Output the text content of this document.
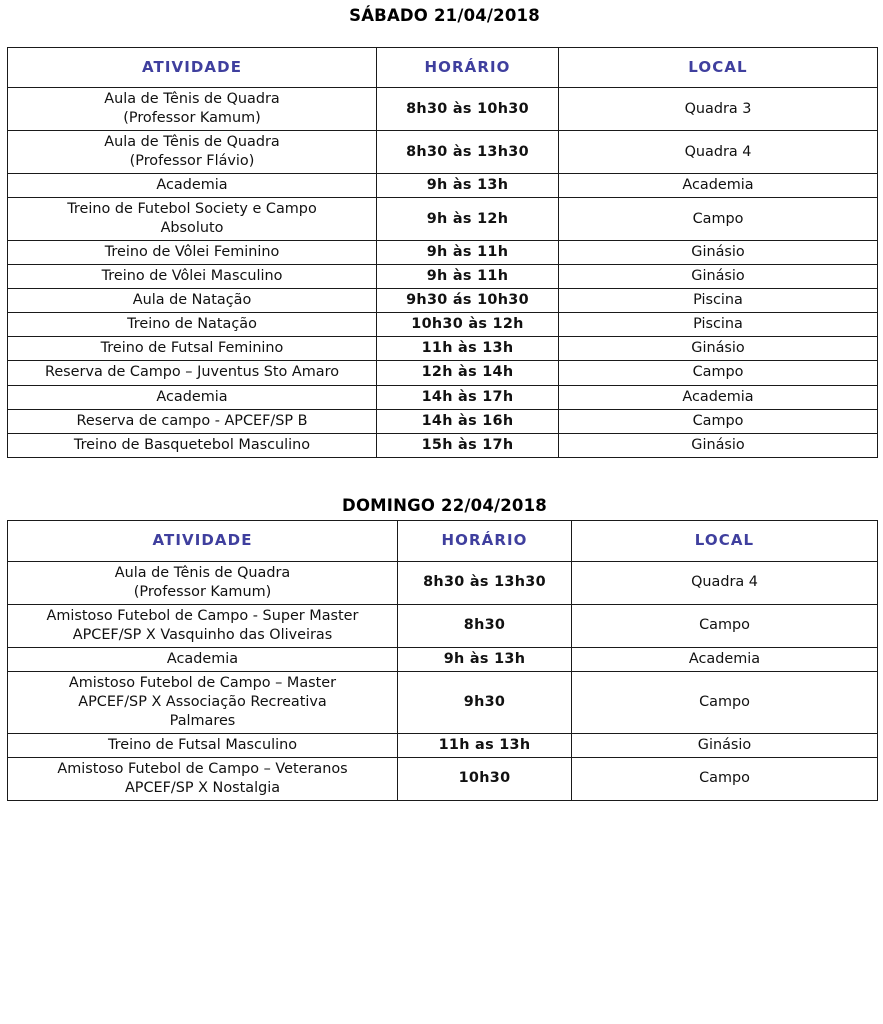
SÁBADO 21/04/2018
ATIVIDADE	HORÁRIO	LOCAL

Aula de Tênis de Quadra
(Professor Kamum)	8h30 às 10h30	Quadra 3

Aula de Tênis de Quadra
(Professor Flávio)	8h30 às 13h30	Quadra 4

Academia	9h às 13h	Academia

Treino de Futebol Society e Campo
Absoluto	9h às 12h	Campo

Treino de Vôlei Feminino	9h às 11h	Ginásio

Treino de Vôlei Masculino	9h às 11h	Ginásio

Aula de Natação	9h30 ás 10h30	Piscina

Treino de Natação	10h30 às 12h	Piscina

Treino de Futsal Feminino	11h às 13h	Ginásio

Reserva de Campo – Juventus Sto Amaro	12h às 14h	Campo

Academia	14h às 17h	Academia

Reserva de campo - APCEF/SP B	14h às 16h	Campo

Treino de Basquetebol Masculino	15h às 17h	Ginásio
DOMINGO 22/04/2018
ATIVIDADE	HORÁRIO	LOCAL

Aula de Tênis de Quadra
(Professor Kamum)	8h30 às 13h30	Quadra 4

Amistoso Futebol de Campo - Super Master
APCEF/SP X Vasquinho das Oliveiras	8h30	Campo

Academia	9h às 13h	Academia

Amistoso Futebol de Campo – Master
APCEF/SP X Associação Recreativa
Palmares	9h30	Campo

Treino de Futsal Masculino	11h as 13h	Ginásio

Amistoso Futebol de Campo – Veteranos
APCEF/SP X Nostalgia	10h30	Campo
